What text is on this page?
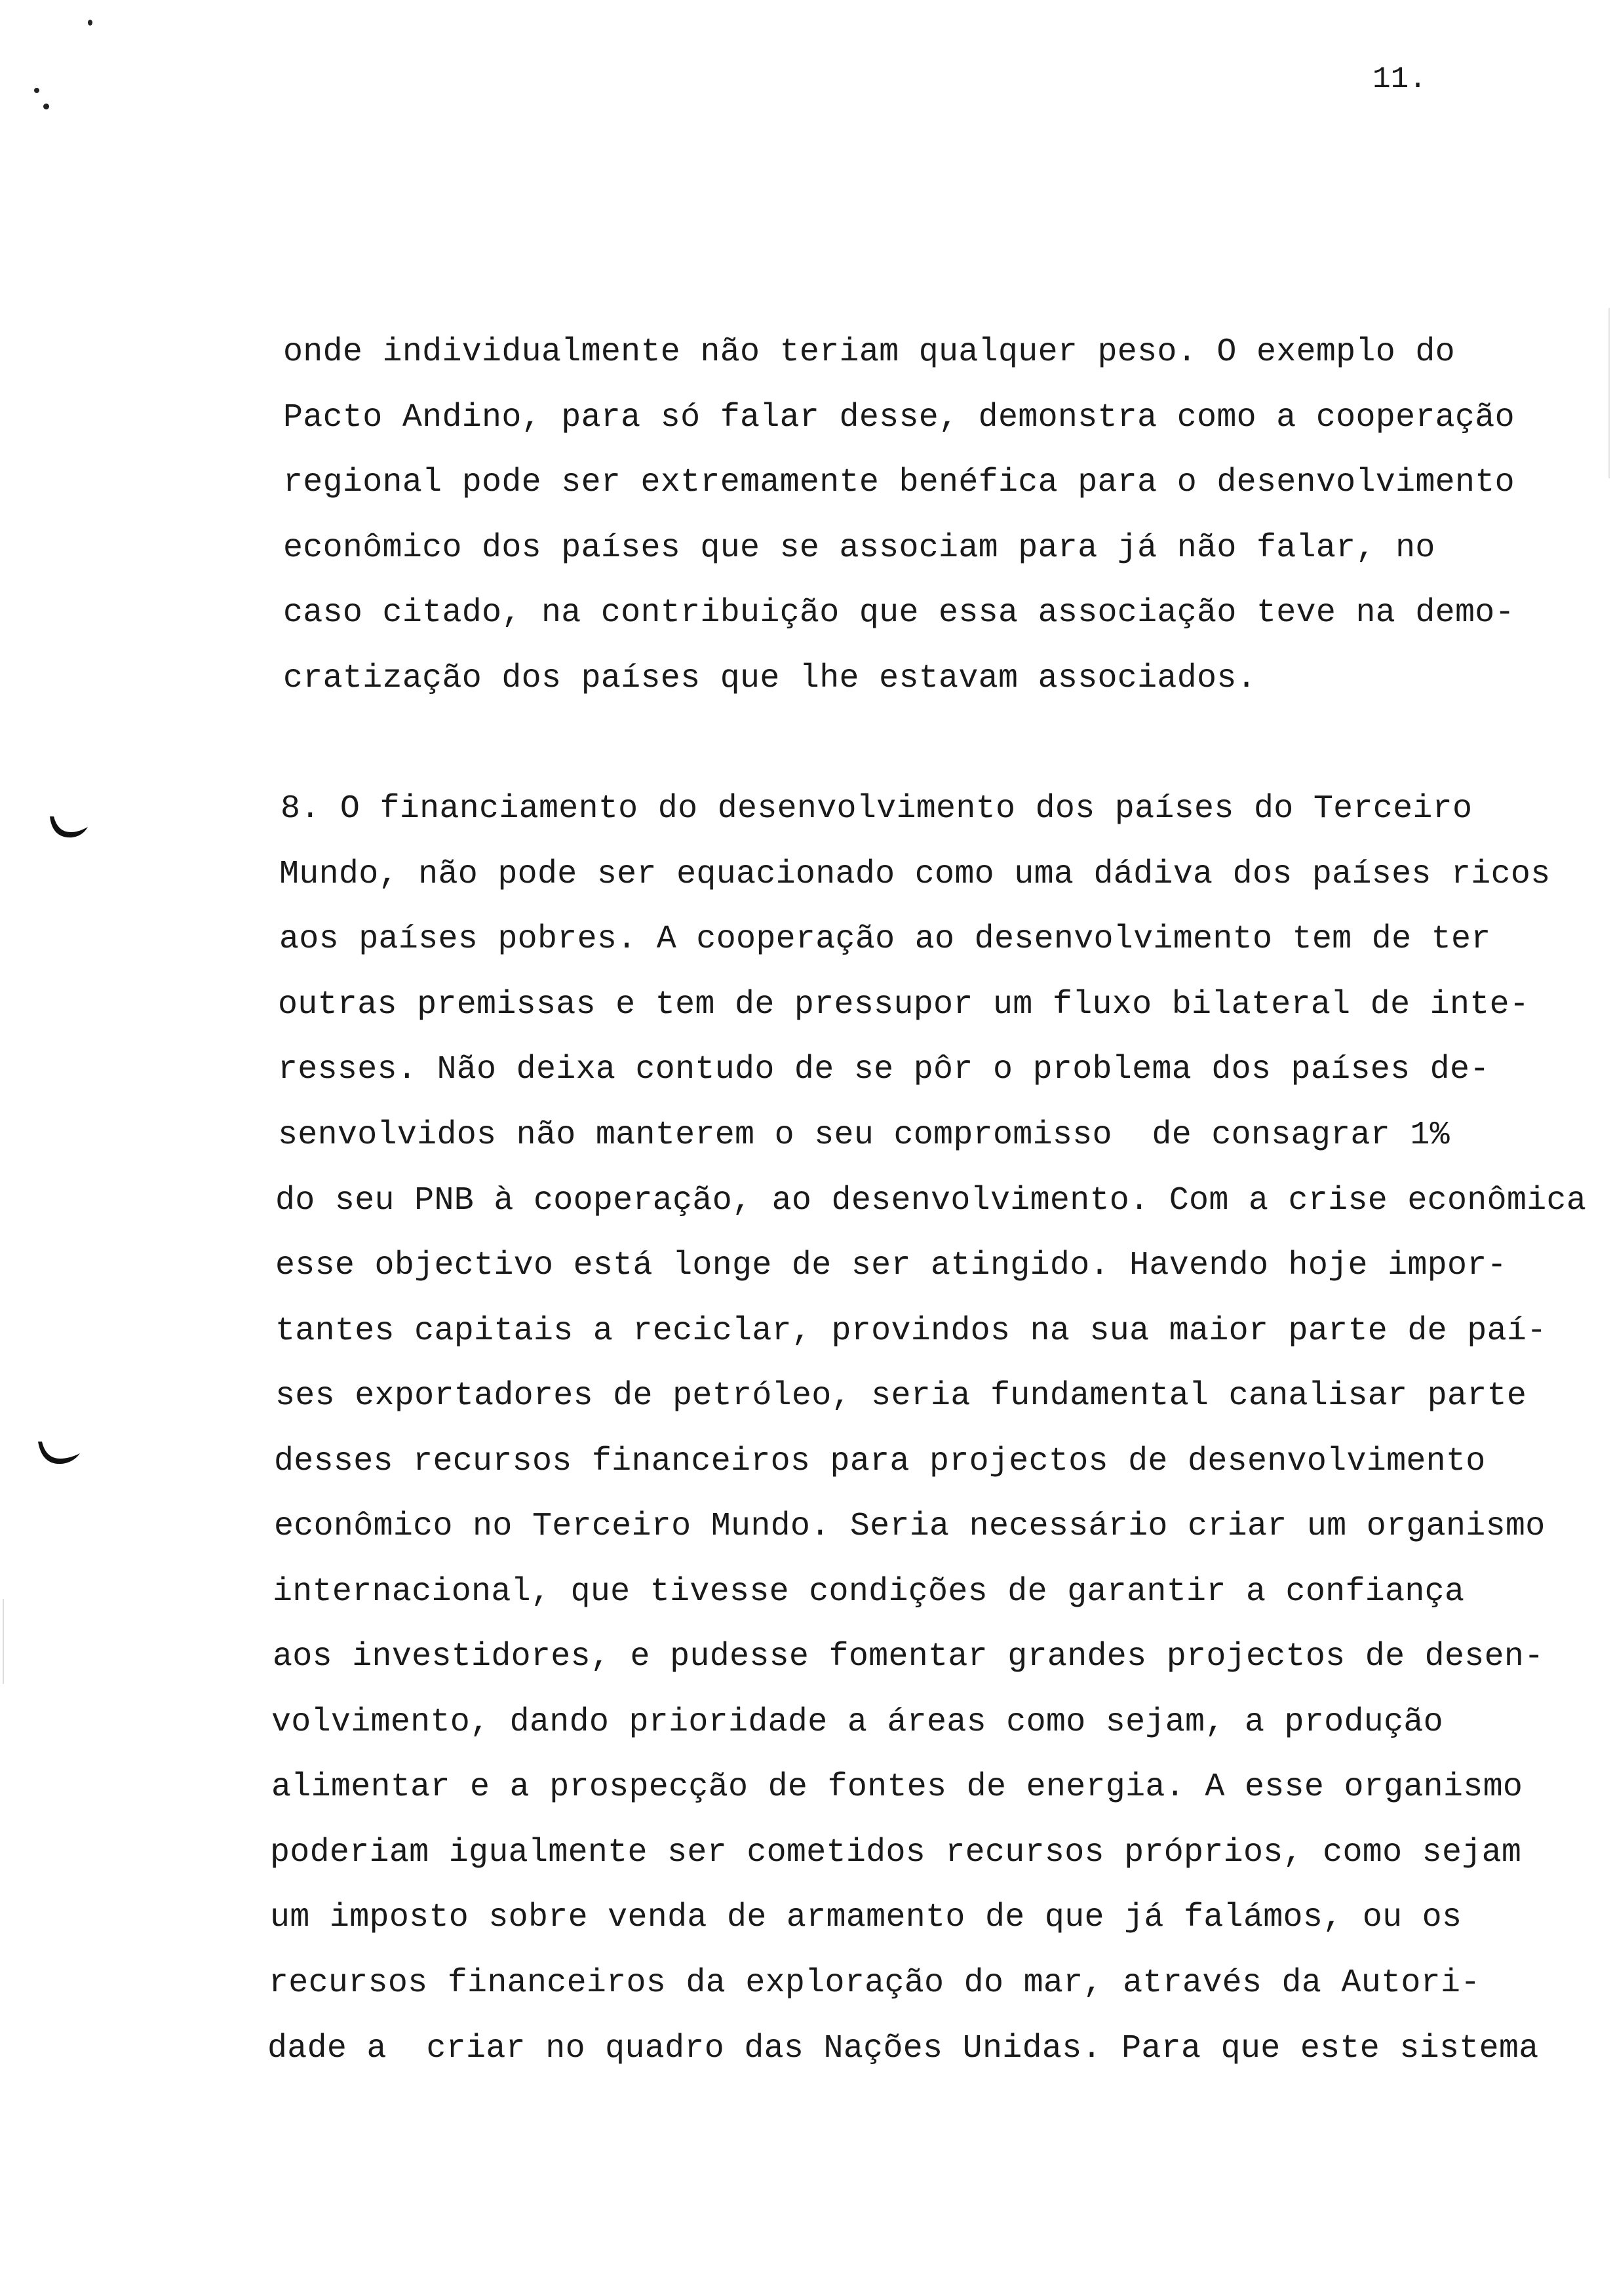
11.
onde individualmente não teriam qualquer peso. O exemplo do
Pacto Andino, para só falar desse, demonstra como a cooperação
regional pode ser extremamente benéfica para o desenvolvimento
econômico dos países que se associam para já não falar, no
caso citado, na contribuição que essa associação teve na demo-
cratização dos países que lhe estavam associados.
8. O financiamento do desenvolvimento dos países do Terceiro
Mundo, não pode ser equacionado como uma dádiva dos países ricos
aos países pobres. A cooperação ao desenvolvimento tem de ter
outras premissas e tem de pressupor um fluxo bilateral de inte-
resses. Não deixa contudo de se pôr o problema dos países de-
senvolvidos não manterem o seu compromisso  de consagrar 1%
do seu PNB à cooperação, ao desenvolvimento. Com a crise econômica
esse objectivo está longe de ser atingido. Havendo hoje impor-
tantes capitais a reciclar, provindos na sua maior parte de paí-
ses exportadores de petróleo, seria fundamental canalisar parte
desses recursos financeiros para projectos de desenvolvimento
econômico no Terceiro Mundo. Seria necessário criar um organismo
internacional, que tivesse condições de garantir a confiança
aos investidores, e pudesse fomentar grandes projectos de desen-
volvimento, dando prioridade a áreas como sejam, a produção
alimentar e a prospecção de fontes de energia. A esse organismo
poderiam igualmente ser cometidos recursos próprios, como sejam
um imposto sobre venda de armamento de que já falámos, ou os
recursos financeiros da exploração do mar, através da Autori-
dade a  criar no quadro das Nações Unidas. Para que este sistema
